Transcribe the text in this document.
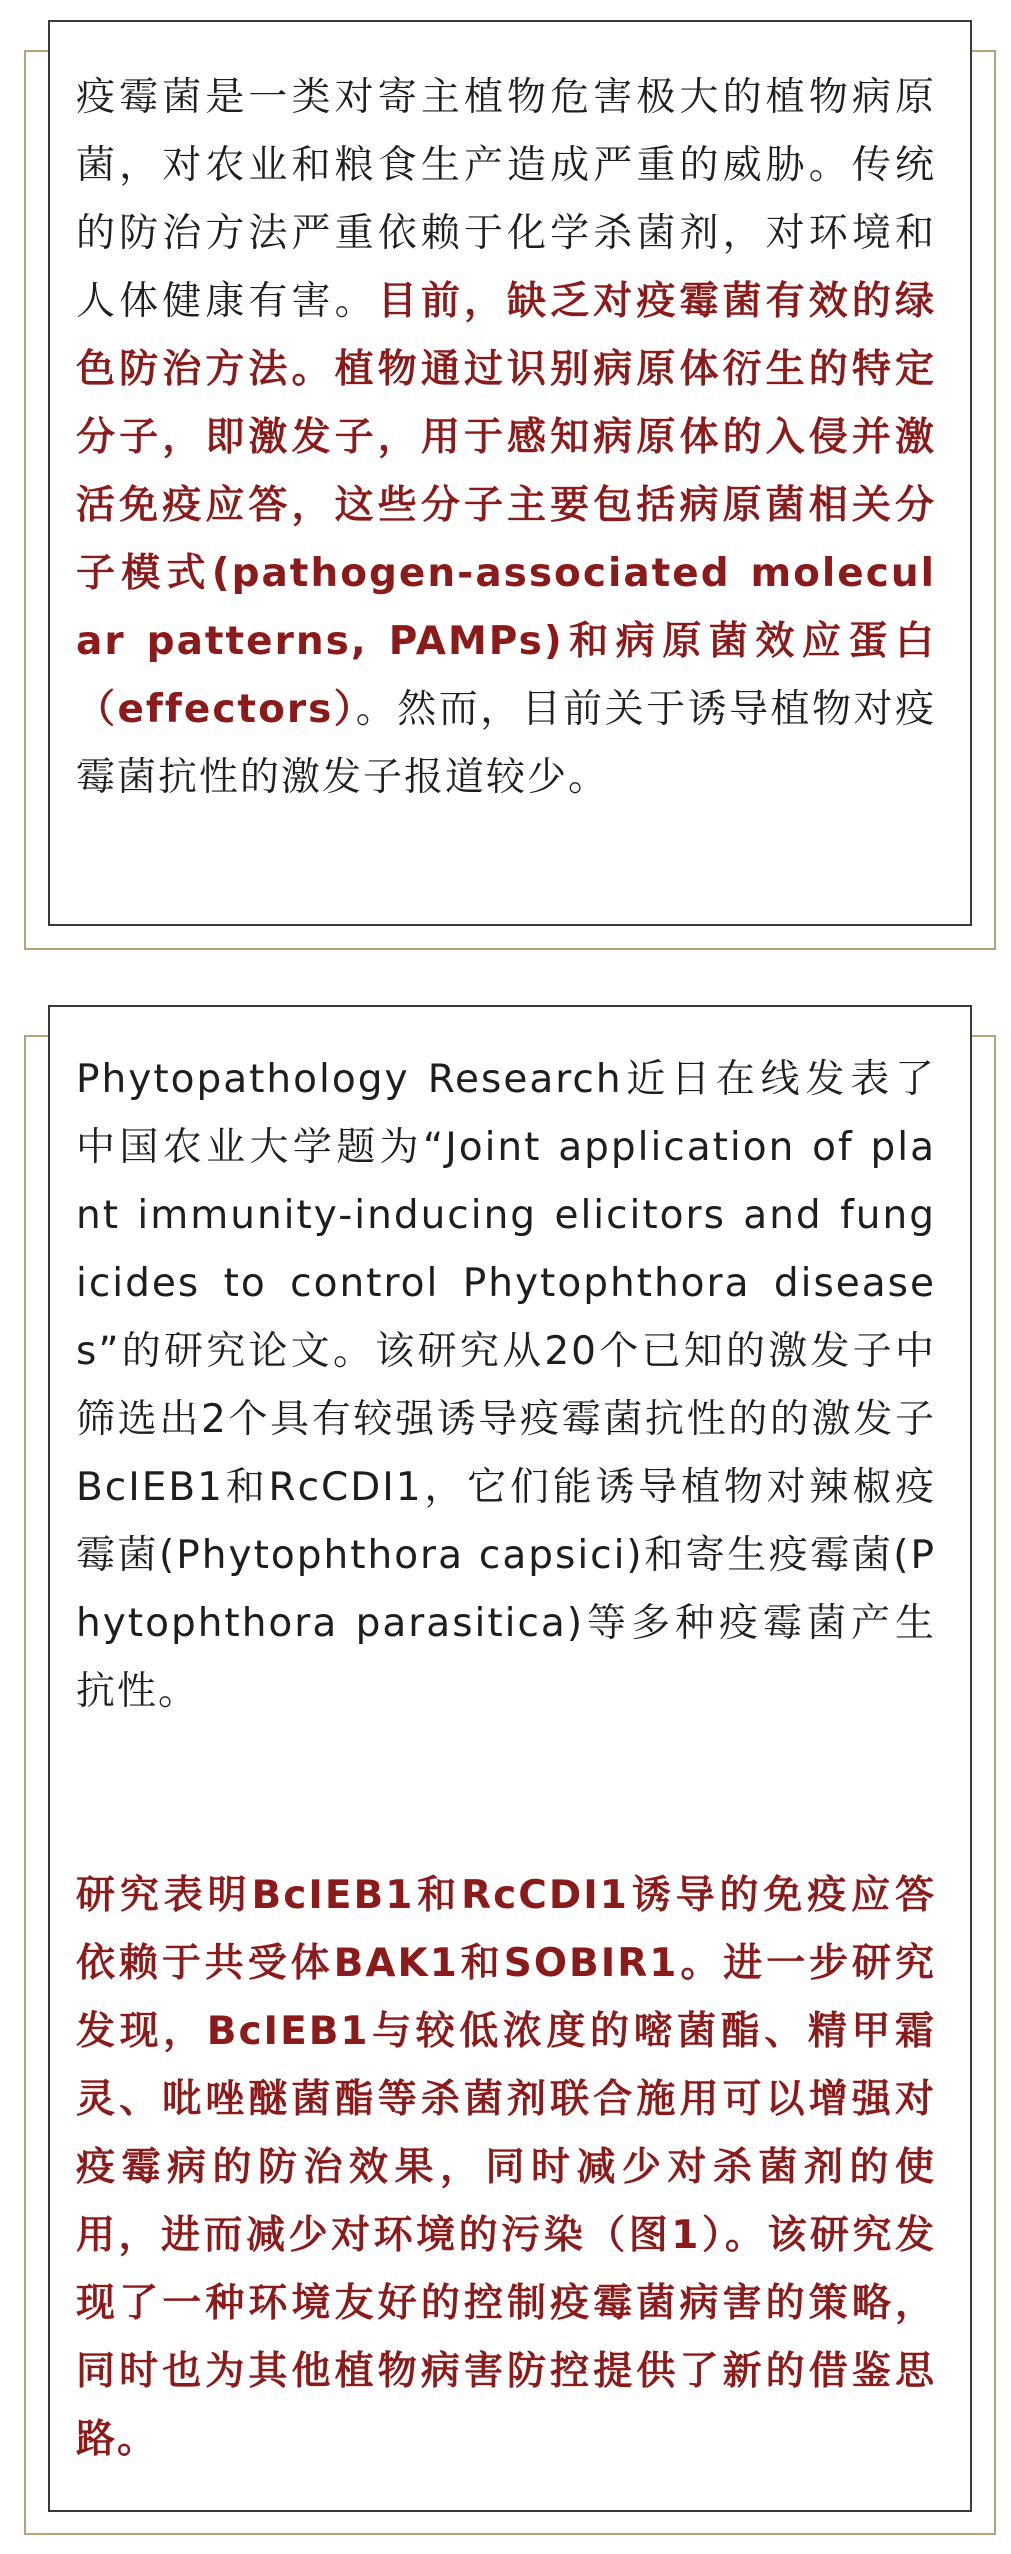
疫霉菌是一类对寄主植物危害极大的植物病原菌，对农业和粮食生产造成严重的威胁。传统的防治方法严重依赖于化学杀菌剂，对环境和人体健康有害。目前，缺乏对疫霉菌有效的绿色防治方法。植物通过识别病原体衍生的特定分子，即激发子，用于感知病原体的入侵并激活免疫应答，这些分子主要包括病原菌相关分子模式(pathogen-associated molecular patterns, PAMPs)和病原菌效应蛋白（effectors）。然而，目前关于诱导植物对疫霉菌抗性的激发子报道较少。
Phytopathology Research近日在线发表了中国农业大学题为“Joint application of plant immunity-inducing elicitors and fungicides to control Phytophthora diseases”的研究论文。该研究从20个已知的激发子中筛选出2个具有较强诱导疫霉菌抗性的的激发子BcIEB1和RcCDI1，它们能诱导植物对辣椒疫霉菌(Phytophthora capsici)和寄生疫霉菌(Phytophthora parasitica)等多种疫霉菌产生抗性。
研究表明BcIEB1和RcCDI1诱导的免疫应答依赖于共受体BAK1和SOBIR1。进一步研究发现，BcIEB1与较低浓度的嘧菌酯、精甲霜灵、吡唑醚菌酯等杀菌剂联合施用可以增强对疫霉病的防治效果，同时减少对杀菌剂的使用，进而减少对环境的污染（图1）。该研究发现了一种环境友好的控制疫霉菌病害的策略，同时也为其他植物病害防控提供了新的借鉴思路。
